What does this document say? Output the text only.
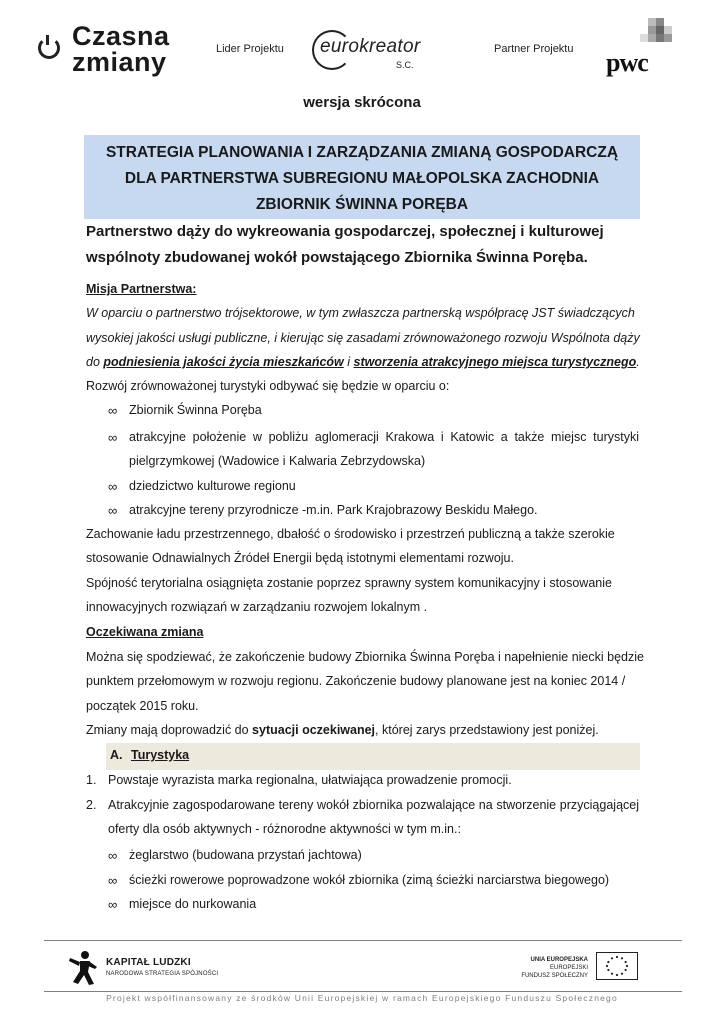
Czasna
zmiany	Lider Projektu eurokreator
S.C.
Partner Projektu pwc
wersja skrócona
STRATEGIA PLANOWANIA I ZARZĄDZANIA ZMIANĄ GOSPODARCZĄ
DLA PARTNERSTWA SUBREGIONU MAŁOPOLSKA ZACHODNIA
ZBIORNIK ŚWINNA PORĘBA
Partnerstwo dąży do wykreowania gospodarczej, społecznej i kulturowej
wspólnoty zbudowanej wokół powstającego Zbiornika Świnna Poręba.
Misja Partnerstwa:
W oparciu o partnerstwo trójsektorowe, w tym zwłaszcza partnerską współpracę JST świadczących
wysokiej jakości usługi publiczne, i kierując się zasadami zrównoważonego rozwoju Wspólnota dąży
do podniesienia jakości życia mieszkańców i stworzenia atrakcyjnego miejsca turystycznego.
Rozwój zrównoważonej turystyki odbywać się będzie w oparciu o:
∞ Zbiornik Świnna Poręba
∞ atrakcyjne położenie w pobliżu aglomeracji Krakowa i Katowic a także miejsc turystyki
pielgrzymkowej (Wadowice i Kalwaria Zebrzydowska)
∞ dziedzictwo kulturowe regionu
∞ atrakcyjne tereny przyrodnicze -m.in. Park Krajobrazowy Beskidu Małego.
Zachowanie ładu przestrzennego, dbałość o środowisko i przestrzeń publiczną a także szerokie
stosowanie Odnawialnych Źródeł Energii będą istotnymi elementami rozwoju.
Spójność terytorialna osiągnięta zostanie poprzez sprawny system komunikacyjny i stosowanie
innowacyjnych rozwiązań w zarządzaniu rozwojem lokalnym .
Oczekiwana zmiana
Można się spodziewać, że zakończenie budowy Zbiornika Świnna Poręba i napełnienie niecki będzie
punktem przełomowym w rozwoju regionu. Zakończenie budowy planowane jest na koniec 2014 /
początek 2015 roku.
Zmiany mają doprowadzić do sytuacji oczekiwanej, której zarys przedstawiony jest poniżej.
A. Turystyka
1. Powstaje wyrazista marka regionalna, ułatwiająca prowadzenie promocji.
2. Atrakcyjnie zagospodarowane tereny wokół zbiornika pozwalające na stworzenie przyciągającej
oferty dla osób aktywnych - różnorodne aktywności w tym m.in.:
∞ żeglarstwo (budowana przystań jachtowa)
∞ ścieżki rowerowe poprowadzone wokół zbiornika (zimą ścieżki narciarstwa biegowego)
∞ miejsce do nurkowania
KAPITAŁ LUDZKI
NARODOWA STRATEGIA SPÓJNOŚCI
UNIA EUROPEJSKA
EUROPEJSKI
FUNDUSZ SPOŁECZNY
Projekt współfinansowany ze środków Unii Europejskiej w ramach Europejskiego Funduszu Społecznego
